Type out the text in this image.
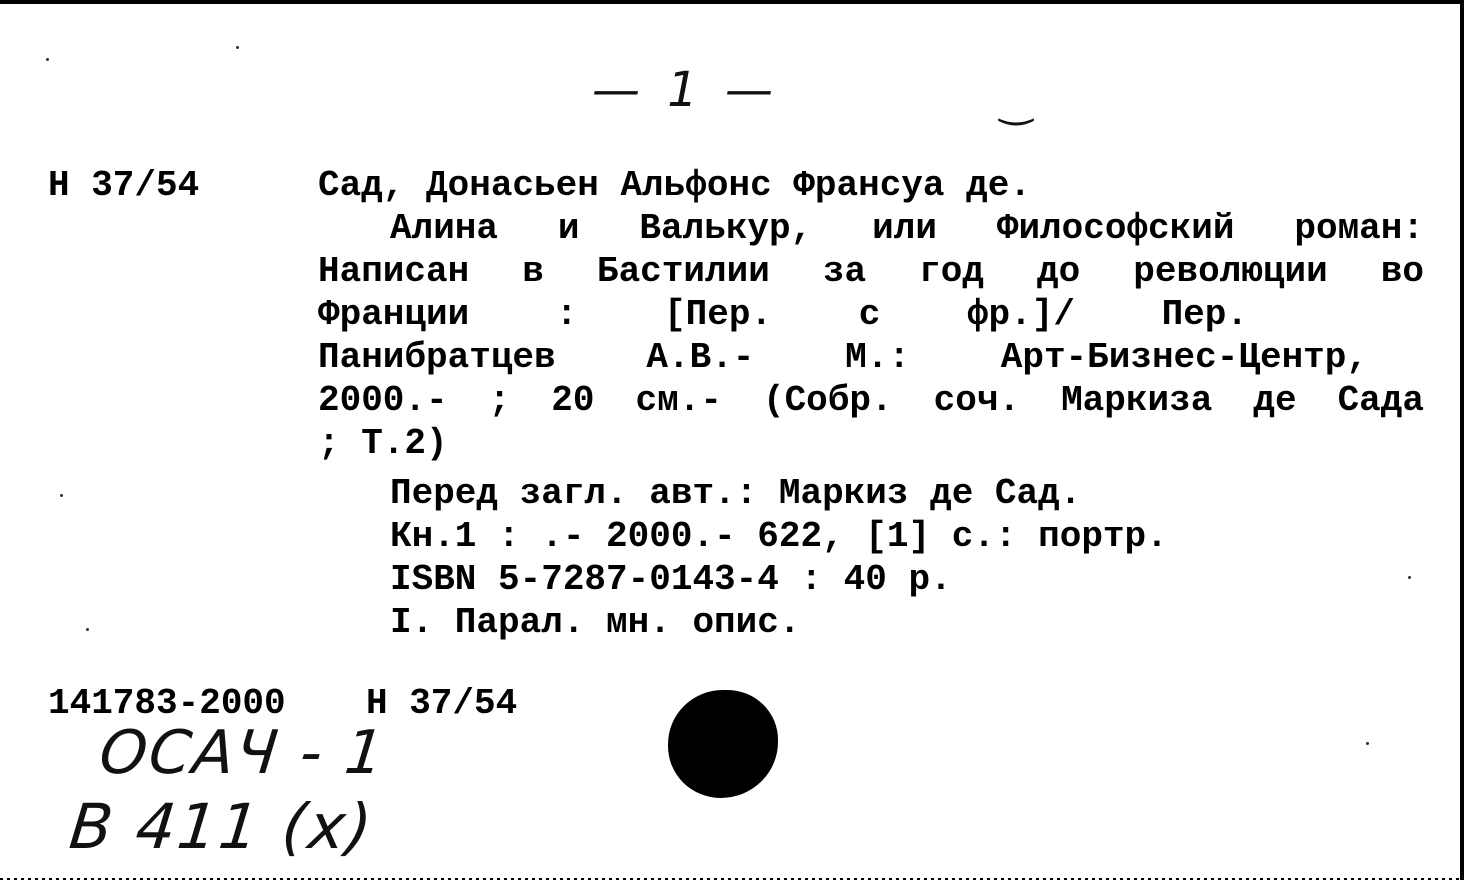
— 1 —	‿
Н 37/54	Сад, Донасьен Альфонс Франсуа де.
Алина и Валькур, или Философский роман:
Написан в Бастилии за год до революции во
Франции : [Пер. с фр.]/ Пер.
Панибратцев А.В.- М.: Арт-Бизнес-Центр,
2000.- ; 20 см.- (Собр. соч. Маркиза де Сада
; Т.2)
Перед загл. авт.: Маркиз де Сад.
Кн.1 : .- 2000.- 622, [1] с.: портр.
ISBN 5-7287-0143-4 : 40 р.
I. Парал. мн. опис.
141783-2000 Н 37/54
ОСАЧ - 1
В 411 (х)
